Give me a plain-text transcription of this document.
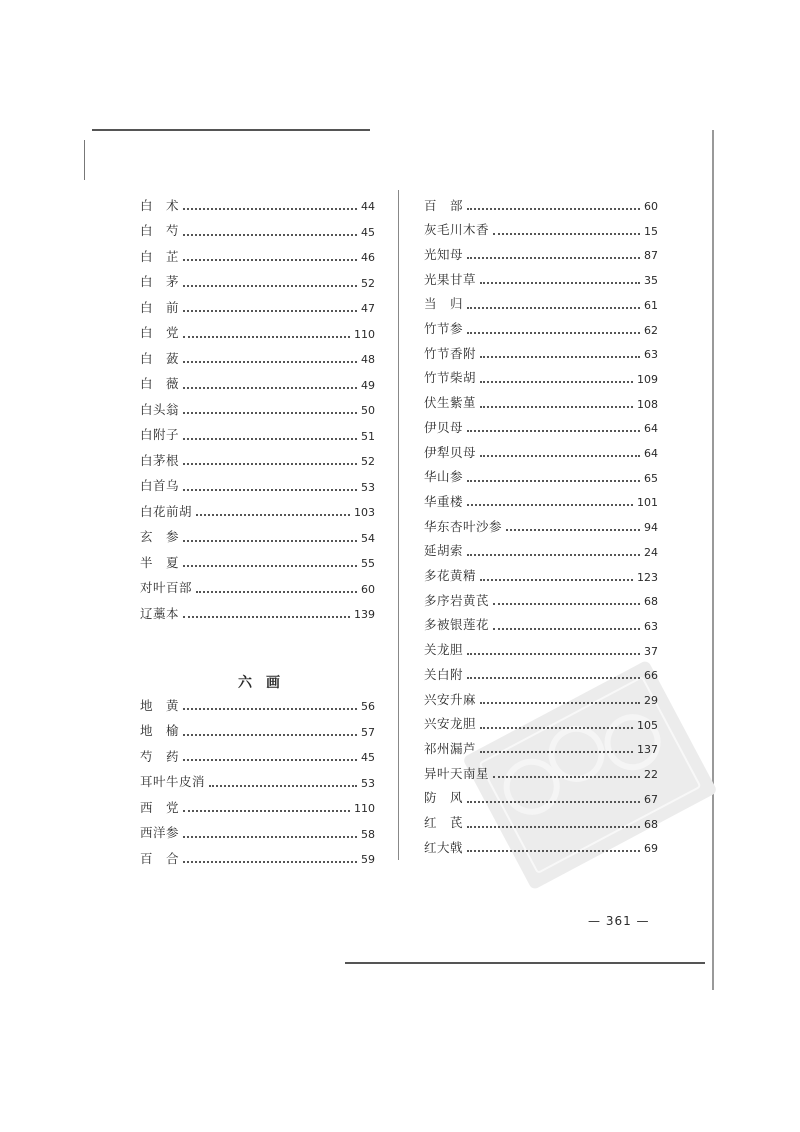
白　术	44
白　芍	45
白　芷	46
白　茅	52
白　前	47
白　党	110
白　蔹	48
白　薇	49
白头翁	50
白附子	51
白茅根	52
白首乌	53
白花前胡	103
玄　参	54
半　夏	55
对叶百部	60
辽藁本	139
六画
地　黄	56
地　榆	57
芍　药	45
耳叶牛皮消	53
西　党	110
西洋参	58
百　合	59
百　部	60
灰毛川木香	15
光知母	87
光果甘草	35
当　归	61
竹节参	62
竹节香附	63
竹节柴胡	109
伏生紫堇	108
伊贝母	64
伊犁贝母	64
华山参	65
华重楼	101
华东杏叶沙参	94
延胡索	24
多花黄精	123
多序岩黄芪	68
多被银莲花	63
关龙胆	37
关白附	66
兴安升麻	29
兴安龙胆	105
祁州漏芦	137
异叶天南星	22
防　风	67
红　芪	68
红大戟	69
— 361 —
